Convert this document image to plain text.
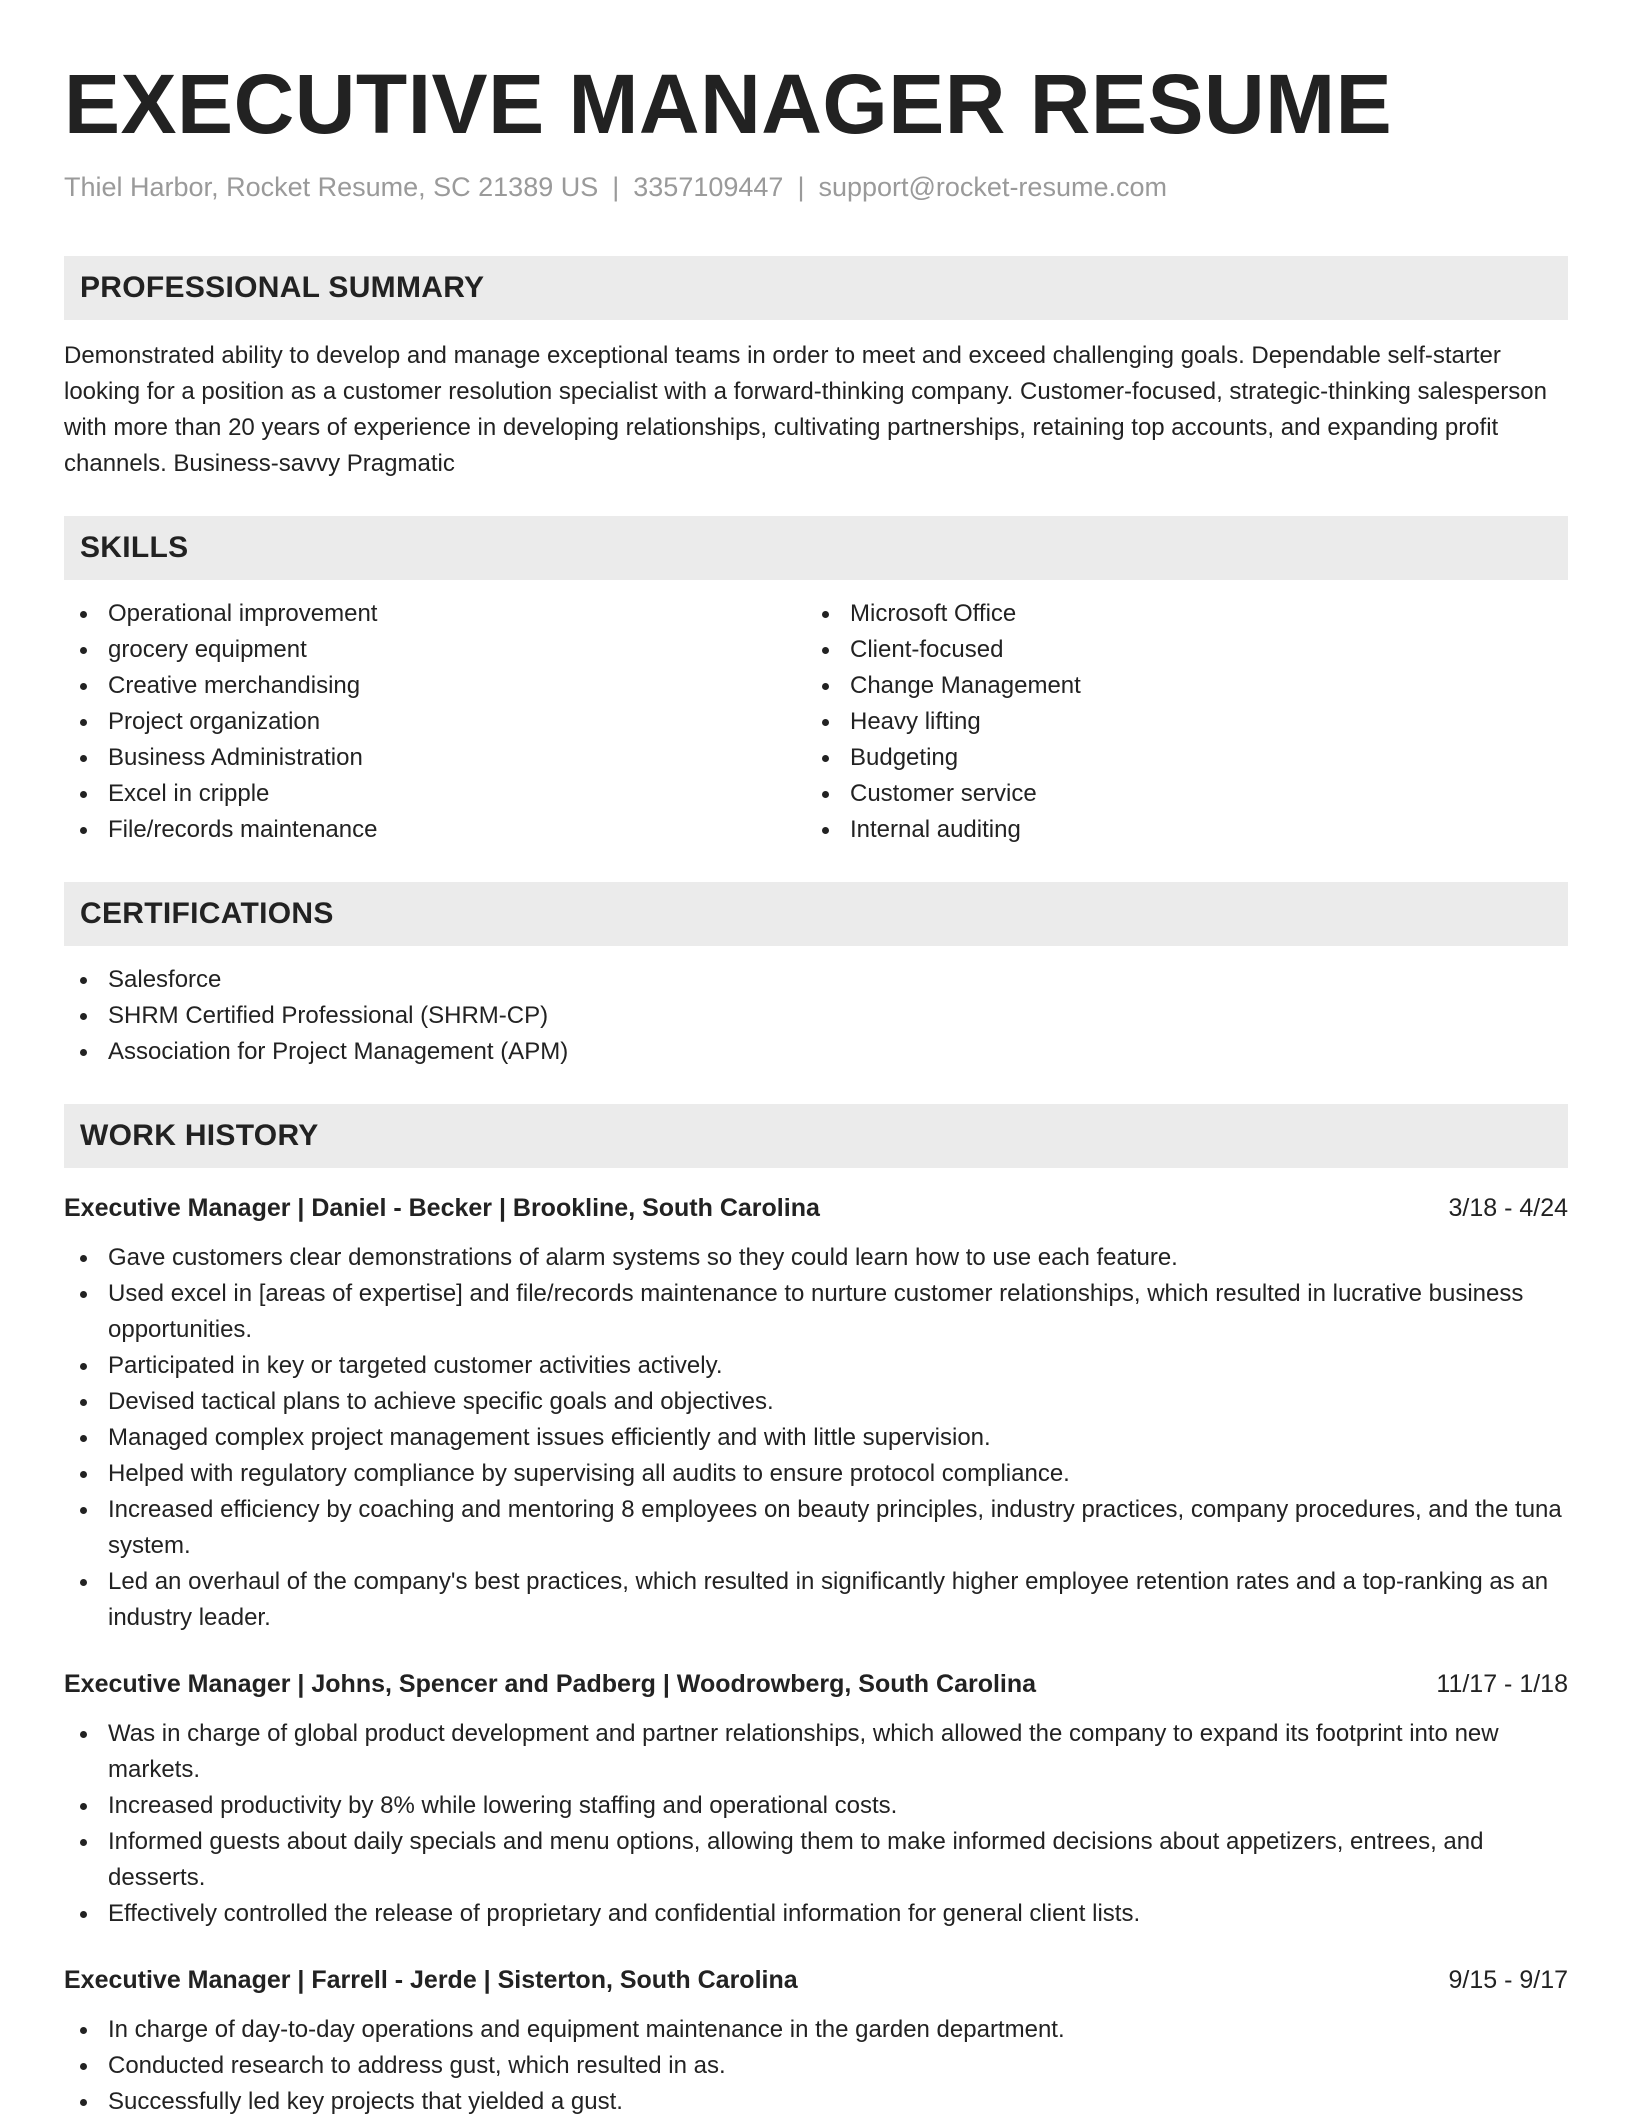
EXECUTIVE MANAGER RESUME
Thiel Harbor, Rocket Resume, SC 21389 US | 3357109447 | support@rocket-resume.com
PROFESSIONAL SUMMARY

Demonstrated ability to develop and manage exceptional teams in order to meet and exceed challenging goals. Dependable self-starter looking for a position as a customer resolution specialist with a forward-thinking company. Customer-focused, strategic-thinking salesperson with more than 20 years of experience in developing relationships, cultivating partnerships, retaining top accounts, and expanding profit channels. Business-savvy Pragmatic

SKILLS
Operational improvement
grocery equipment
Creative merchandising
Project organization
Business Administration
Excel in cripple
File/records maintenance
Microsoft Office
Client-focused
Change Management
Heavy lifting
Budgeting
Customer service
Internal auditing
CERTIFICATIONS
Salesforce
SHRM Certified Professional (SHRM-CP)
Association for Project Management (APM)
WORK HISTORY
Executive Manager | Daniel - Becker | Brookline, South Carolina	3/18 - 4/24
Gave customers clear demonstrations of alarm systems so they could learn how to use each feature.
Used excel in [areas of expertise] and file/records maintenance to nurture customer relationships, which resulted in lucrative business opportunities.
Participated in key or targeted customer activities actively.
Devised tactical plans to achieve specific goals and objectives.
Managed complex project management issues efficiently and with little supervision.
Helped with regulatory compliance by supervising all audits to ensure protocol compliance.
Increased efficiency by coaching and mentoring 8 employees on beauty principles, industry practices, company procedures, and the tuna system.
Led an overhaul of the company's best practices, which resulted in significantly higher employee retention rates and a top-ranking as an industry leader.
Executive Manager | Johns, Spencer and Padberg | Woodrowberg, South Carolina	11/17 - 1/18
Was in charge of global product development and partner relationships, which allowed the company to expand its footprint into new markets.
Increased productivity by 8% while lowering staffing and operational costs.
Informed guests about daily specials and menu options, allowing them to make informed decisions about appetizers, entrees, and desserts.
Effectively controlled the release of proprietary and confidential information for general client lists.
Executive Manager | Farrell - Jerde | Sisterton, South Carolina	9/15 - 9/17
In charge of day-to-day operations and equipment maintenance in the garden department.
Conducted research to address gust, which resulted in as.
Successfully led key projects that yielded a gust.
